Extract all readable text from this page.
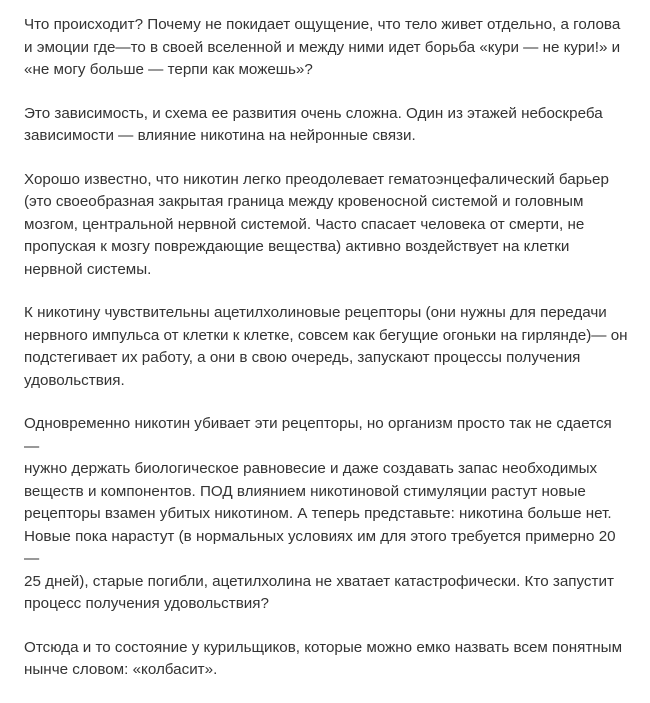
Что происходит? Почему не покидает ощущение, что тело живет отдельно, а голова
и эмоции где—то в своей вселенной и между ними идет борьба «кури — не кури!» и
«не могу больше — терпи как можешь»?

Это зависимость, и схема ее развития очень сложна. Один из этажей небоскреба
зависимости — влияние никотина на нейронные связи.

Хорошо известно, что никотин легко преодолевает гематоэнцефалический барьер
(это своеобразная закрытая граница между кровеносной системой и головным
мозгом, центральной нервной системой. Часто спасает человека от смерти, не
пропуская к мозгу повреждающие вещества) активно воздействует на клетки
нервной системы.

К никотину чувствительны ацетилхолиновые рецепторы (они нужны для передачи
нервного импульса от клетки к клетке, совсем как бегущие огоньки на гирлянде)— он
подстегивает их работу, а они в свою очередь, запускают процессы получения
удовольствия.

Одновременно никотин убивает эти рецепторы, но организм просто так не сдается —
нужно держать биологическое равновесие и даже создавать запас необходимых
веществ и компонентов. ПОД влиянием никотиновой стимуляции растут новые
рецепторы взамен убитых никотином. А теперь представьте: никотина больше нет.
Новые пока нарастут (в нормальных условиях им для этого требуется примерно 20—
25 дней), старые погибли, ацетилхолина не хватает катастрофически. Кто запустит
процесс получения удовольствия?

Отсюда и то состояние у курильщиков, которые можно емко назвать всем понятным
нынче словом: «колбасит».
